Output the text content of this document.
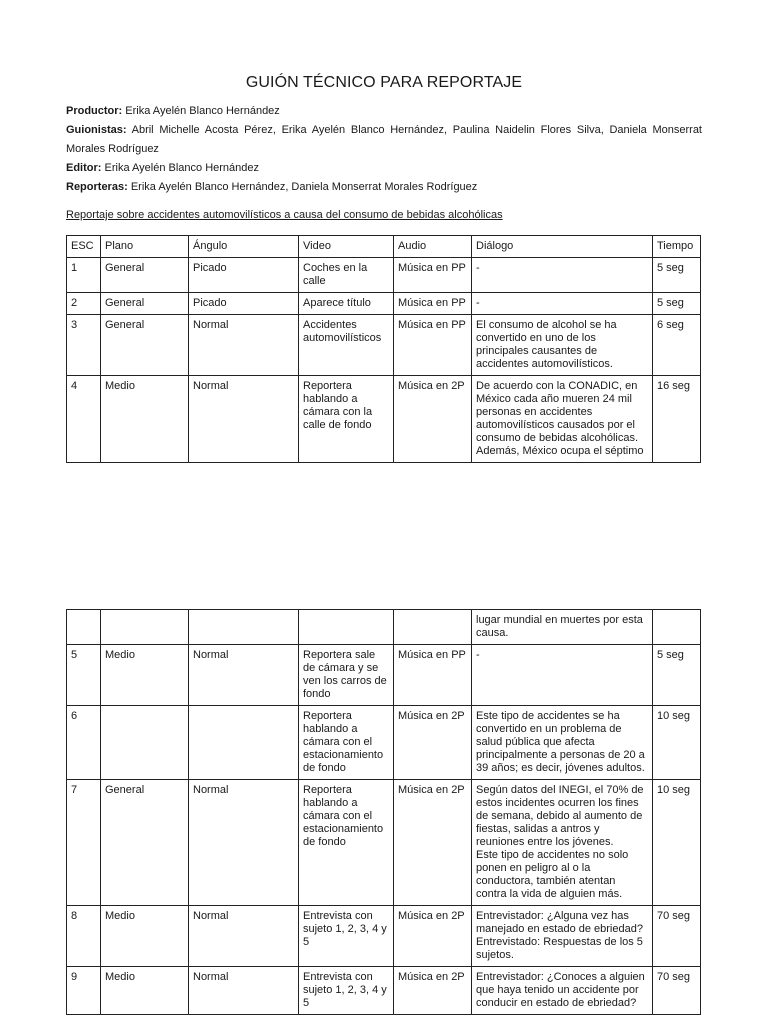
GUIÓN TÉCNICO PARA REPORTAJE
Productor: Erika Ayelén Blanco Hernández
Guionistas: Abril Michelle Acosta Pérez, Erika Ayelén Blanco Hernández, Paulina Naidelin Flores Silva, Daniela Monserrat Morales Rodríguez
Editor: Erika Ayelén Blanco Hernández
Reporteras: Erika Ayelén Blanco Hernández, Daniela Monserrat Morales Rodríguez
Reportaje sobre accidentes automovilísticos a causa del consumo de bebidas alcohólicas
ESC	Plano	Ángulo	Video	Audio	Diálogo	Tiempo
1	General	Picado	Coches en la calle	Música en PP	-	5 seg
2	General	Picado	Aparece título	Música en PP	-	5 seg
3	General	Normal	Accidentes automovilísticos	Música en PP	El consumo de alcohol se ha convertido en uno de los principales causantes de accidentes automovilísticos.	6 seg
4	Medio	Normal	Reportera hablando a cámara con la calle de fondo	Música en 2P	De acuerdo con la CONADIC, en México cada año mueren 24 mil personas en accidentes automovilísticos causados por el consumo de bebidas alcohólicas. Además, México ocupa el séptimo	16 seg
					lugar mundial en muertes por esta causa.	
5	Medio	Normal	Reportera sale de cámara y se ven los carros de fondo	Música en PP	-	5 seg
6			Reportera hablando a cámara con el estacionamiento de fondo	Música en 2P	Este tipo de accidentes se ha convertido en un problema de salud pública que afecta principalmente a personas de 20 a 39 años; es decir, jóvenes adultos.	10 seg
7	General	Normal	Reportera hablando a cámara con el estacionamiento de fondo	Música en 2P	Según datos del INEGI, el 70% de estos incidentes ocurren los fines de semana, debido al aumento de fiestas, salidas a antros y reuniones entre los jóvenes.
Este tipo de accidentes no solo ponen en peligro al o la conductora, también atentan contra la vida de alguien más.	10 seg
8	Medio	Normal	Entrevista con sujeto 1, 2, 3, 4 y 5	Música en 2P	Entrevistador: ¿Alguna vez has manejado en estado de ebriedad?
Entrevistado: Respuestas de los 5 sujetos.	70 seg
9	Medio	Normal	Entrevista con sujeto 1, 2, 3, 4 y 5	Música en 2P	Entrevistador: ¿Conoces a alguien que haya tenido un accidente por conducir en estado de ebriedad?	70 seg
